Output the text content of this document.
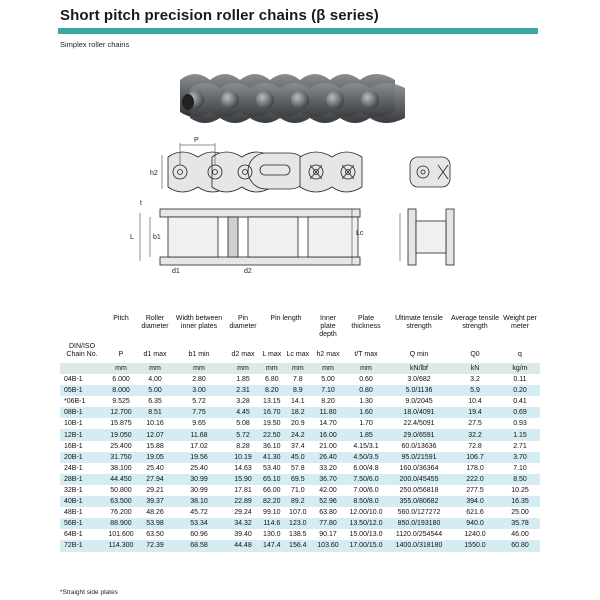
Short pitch precision roller chains (β series)
Simplex roller chains
P
h2
t
L
Lc
b1
d1	d2
DIN/ISO Chain No.	Pitch	Roller diameter	Width between inner plates	Pin diameter	Pin length		Inner plate depth	Plate thickness	Ultimate tensile strength	Average tensile strength	Weight per meter
	P	d1 max	b1 min	d2 max	L max	Lc max	h2 max	t/T max	Q min	Q0	q
	mm	mm	mm	mm	mm	mm	mm	mm	kN/lbf	kN	kg/m
04B-1	6.000	4.00	2.80	1.85	6.80	7.8	5.00	0.60	3.0/682	3.2	0.11
05B-1	8.000	5.00	3.00	2.31	8.20	8.9	7.10	0.80	5.0/1136	5.9	0.20
*06B-1	9.525	6.35	5.72	3.28	13.15	14.1	8.20	1.30	9.0/2045	10.4	0.41
08B-1	12.700	8.51	7.75	4.45	16.70	18.2	11.80	1.60	18.0/4091	19.4	0.69
10B-1	15.875	10.16	9.65	5.08	19.50	20.9	14.70	1.70	22.4/5091	27.5	0.93
12B-1	19.050	12.07	11.68	5.72	22.50	24.2	16.00	1.85	29.0/6591	32.2	1.15
16B-1	25.400	15.88	17.02	8.28	36.10	37.4	21.00	4.15/3.1	60.0/13636	72.8	2.71
20B-1	31.750	19.05	19.56	10.19	41.30	45.0	26.40	4.50/3.5	95.0/21591	106.7	3.70
24B-1	38.100	25.40	25.40	14.63	53.40	57.8	33.20	6.00/4.8	160.0/36364	178.0	7.10
28B-1	44.450	27.94	30.99	15.90	65.10	69.5	36.70	7.50/6.0	200.0/45455	222.0	8.50
32B-1	50.800	29.21	30.99	17.81	66.00	71.0	42.00	7.00/6.0	250.0/56818	277.5	10.25
40B-1	63.500	39.37	38.10	22.89	82.20	89.2	52.96	8.50/8.0	355.0/80682	394.0	16.35
48B-1	76.200	48.26	45.72	29.24	99.10	107.0	63.80	12.00/10.0	560.0/127272	621.6	25.00
56B-1	88.900	53.98	53.34	34.32	114.6	123.0	77.80	13.50/12.0	850.0/193180	940.0	35.78
64B-1	101.600	63.50	60.96	39.40	130.0	138.5	90.17	15.00/13.0	1120.0/254544	1240.0	46.00
72B-1	114.300	72.39	68.58	44.48	147.4	156.4	103.60	17.00/15.0	1400.0/318180	1550.0	60.80
*Straight side plates
